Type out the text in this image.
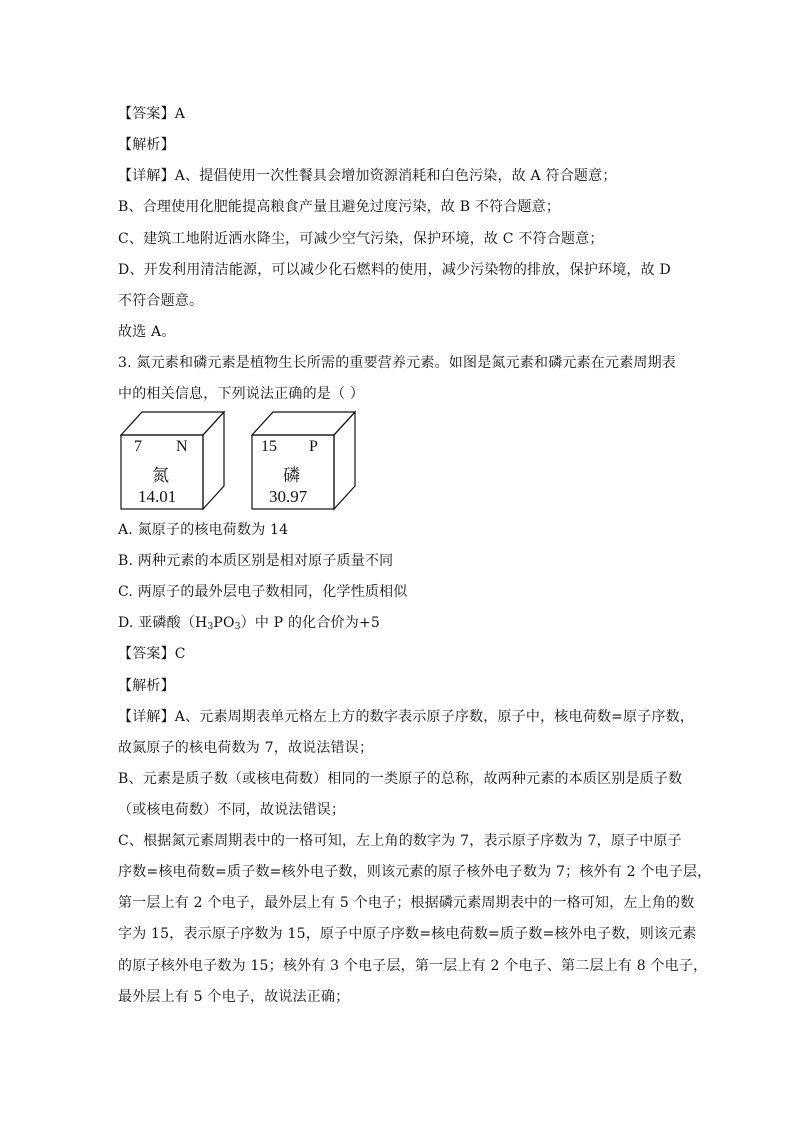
【答案】A
【解析】
【详解】A、提倡使用一次性餐具会增加资源消耗和白色污染，故 A 符合题意；
B、合理使用化肥能提高粮食产量且避免过度污染，故 B 不符合题意；
C、建筑工地附近洒水降尘，可减少空气污染，保护环境，故 C 不符合题意；
D、开发利用清洁能源，可以减少化石燃料的使用，减少污染物的排放，保护环境，故 D
不符合题意。
故选 A。
3. 氮元素和磷元素是植物生长所需的重要营养元素。如图是氮元素和磷元素在元素周期表
中的相关信息，下列说法正确的是（ ）
7 N
氮
14.01
15 P
磷
30.97
A. 氮原子的核电荷数为 14
B. 两种元素的本质区别是相对原子质量不同
C. 两原子的最外层电子数相同，化学性质相似
D. 亚磷酸$(H_3PO_3)$中 P 的化合价为+5
【答案】C
【解析】
【详解】A、元素周期表单元格左上方的数字表示原子序数，原子中，核电荷数=原子序数，
故氮原子的核电荷数为 7，故说法错误；
B、元素是质子数（或核电荷数）相同的一类原子的总称，故两种元素的本质区别是质子数
（或核电荷数）不同，故说法错误；
C、根据氮元素周期表中的一格可知，左上角的数字为 7，表示原子序数为 7，原子中原子
序数=核电荷数=质子数=核外电子数，则该元素的原子核外电子数为 7；核外有 2 个电子层，
第一层上有 2 个电子，最外层上有 5 个电子；根据磷元素周期表中的一格可知，左上角的数
字为 15，表示原子序数为 15，原子中原子序数=核电荷数=质子数=核外电子数，则该元素
的原子核外电子数为 15；核外有 3 个电子层，第一层上有 2 个电子、第二层上有 8 个电子，
最外层上有 5 个电子，故说法正确；
